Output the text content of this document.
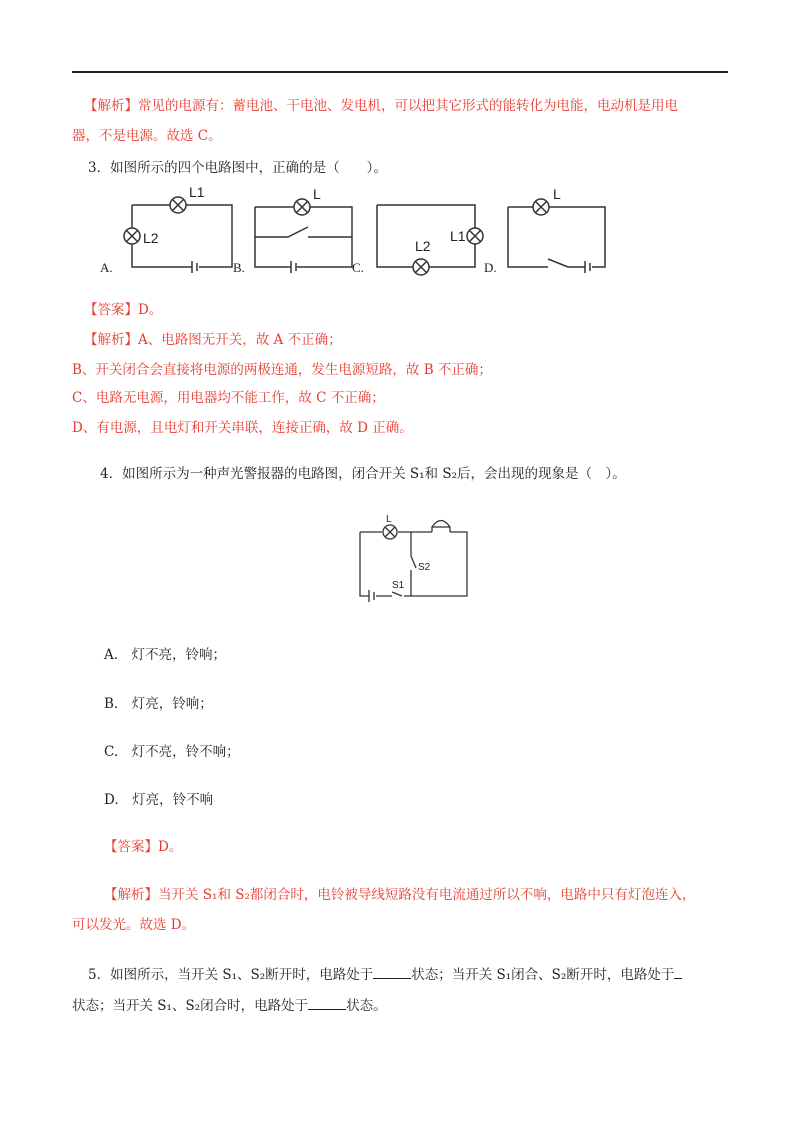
【解析】常见的电源有：蓄电池、干电池、发电机，可以把其它形式的能转化为电能，电动机是用电
器，不是电源。故选 C。
3．如图所示的四个电路图中，正确的是（　　）。
L1
L2
L
L2
L1
L
A.	B.	C.	D.
【答案】D。
【解析】A、电路图无开关，故 A 不正确；
B、开关闭合会直接将电源的两极连通，发生电源短路，故 B 不正确；
C、电路无电源，用电器均不能工作，故 C 不正确；
D、有电源，且电灯和开关串联，连接正确，故 D 正确。
4．如图所示为一种声光警报器的电路图，闭合开关 S₁和 S₂后，会出现的现象是（　）。
L
S2
S1
A.　灯不亮，铃响；
B.　灯亮，铃响；
C.　灯不亮，铃不响；
D.　灯亮，铃不响
【答案】D。
【解析】当开关 S₁和 S₂都闭合时，电铃被导线短路没有电流通过所以不响，电路中只有灯泡连入，
可以发光。故选 D。
5．如图所示，当开关 S₁、S₂断开时，电路处于	状态；当开关 S₁闭合、S₂断开时，电路处于
状态；当开关 S₁、S₂闭合时，电路处于	状态。
